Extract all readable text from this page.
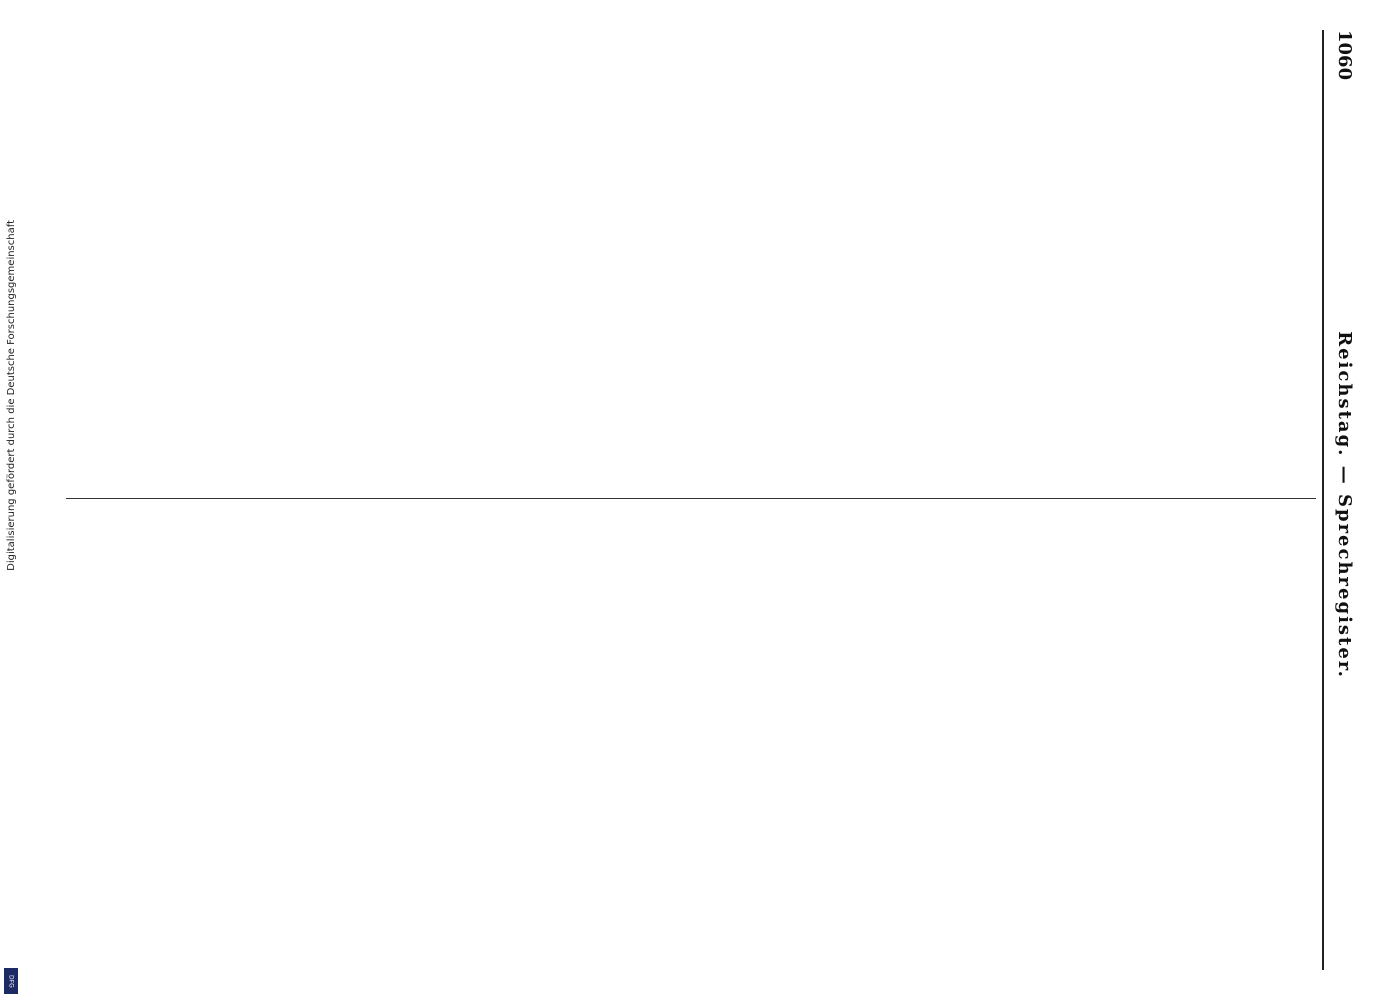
1060
Reichstag. — Sprechregister.

Digitalisierung gefördert durch die Deutsche Forschungsgemeinschaft
DFG
